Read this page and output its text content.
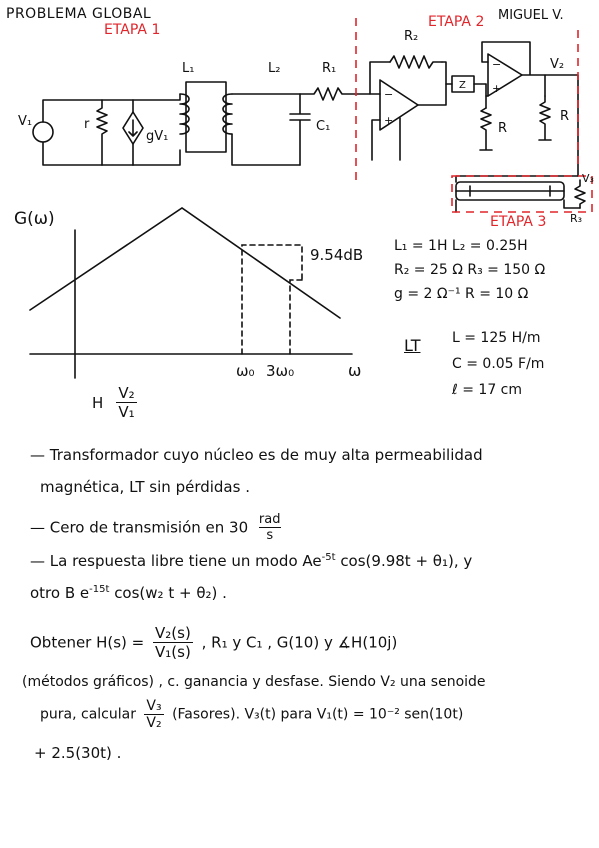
PROBLEMA GLOBAL
ETAPA 1	ETAPA 2 MIGUEL V.
ETAPA 3
−
+
−
+
Z
V₁	r
gV₁
L₁	L₂	R₁
C₁
R₂
R
R
V₂
V₃
R₃
G(ω)
ω
ω₀ 3ω₀
9.54dB
H $\frac{\text{V₂}}{\text{V₁}}$
L₁ = 1H L₂ = 0.25H
R₂ = 25 Ω R₃ = 150 Ω
g = 2 Ω⁻¹ R = 10 Ω
LT L = 125 H/m
C = 0.05 F/m
ℓ = 17 cm
— Transformador cuyo núcleo es de muy alta permeabilidad
magnética, LT sin pérdidas .
— Cero de transmisión en 30 rad
s
— La respuesta libre tiene un modo $Ae^{-5t}$ cos(9.98t + θ₁), y
otro B $e^{-15t}$ cos(w₂ t + θ₂) .
Obtener $H(s) = \frac{\text{V₂(s)}}{\text{V₁(s)}}$ , R₁ y C₁ , G(10) y ∡H(10j)
(métodos gráficos) , c. ganancia y desfase. Siendo V₂ una senoide
pura, calcular $\frac{\text{V₃}}{\text{V₂}}$ (Fasores). V₃(t) para V₁(t) = 10⁻² sen(10t)
+ 2.5(30t) .
